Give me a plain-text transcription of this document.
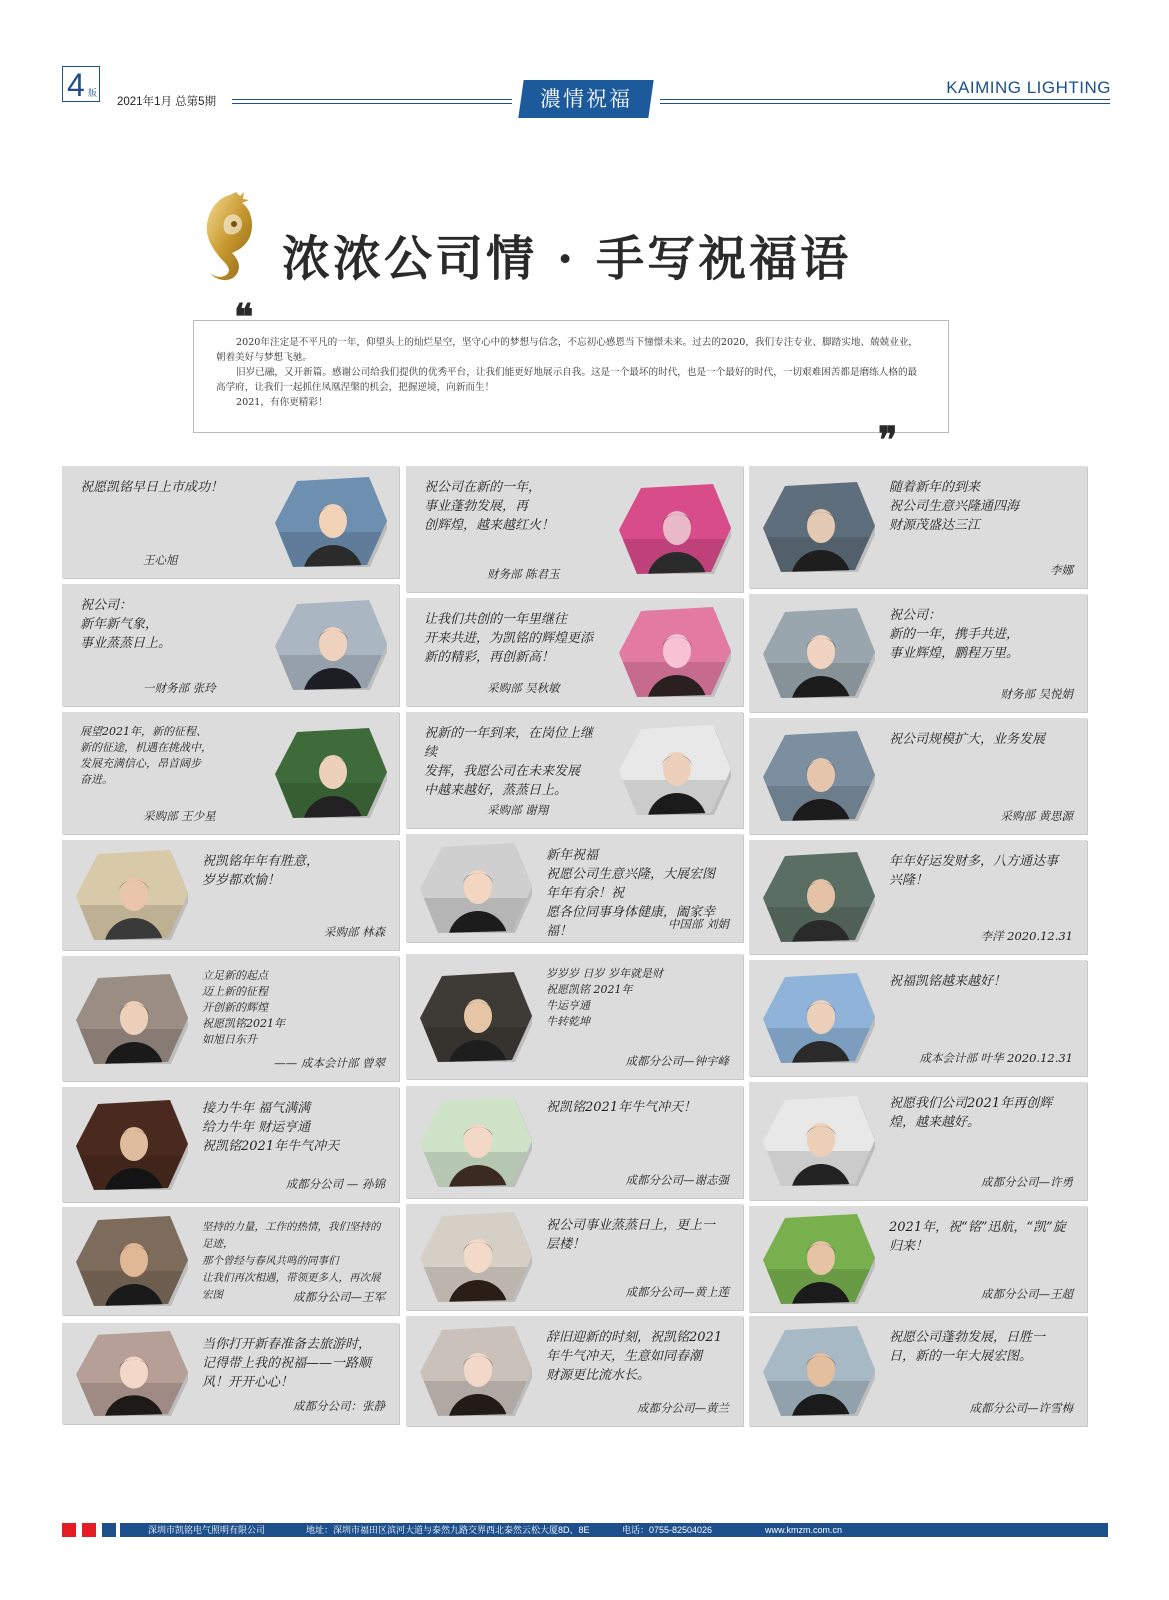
4 版
2021年1月 总第5期	濃情祝福	KAIMING LIGHTING
浓浓公司情 · 手写祝福语

2020年注定是不平凡的一年，仰望头上的灿烂星空，坚守心中的梦想与信念，不忘初心感恩当下憧憬未来。过去的2020，我们专注专业、脚踏实地、兢兢业业，朝着美好与梦想飞驰。

旧岁已融，又开新篇。感谢公司给我们提供的优秀平台，让我们能更好地展示自我。这是一个最坏的时代，也是一个最好的时代，一切艰难困苦都是磨练人格的最高学府，让我们一起抓住凤凰涅槃的机会，把握逆境，向新而生！

2021，有你更精彩！

❝
❞
祝愿凯铭早日上市成功！
王心旭
祝公司在新的一年，
事业蓬勃发展，再
创辉煌，越来越红火！
财务部 陈君玉
随着新年的到来
祝公司生意兴隆通四海
财源茂盛达三江
李娜
祝公司：
新年新气象，
事业蒸蒸日上。
一财务部 张玲
让我们共创的一年里继往
开来共进，为凯铭的辉煌更添
新的精彩，再创新高！
采购部 吴秋敏
祝公司：
新的一年，携手共进，
事业辉煌，鹏程万里。
财务部 吴悦娟
展望2021年，新的征程、
新的征途，机遇在挑战中，
发展充满信心，昂首阔步
奋进。
采购部 王少星
祝新的一年到来，在岗位上继续
发挥，我愿公司在未来发展
中越来越好，蒸蒸日上。
采购部 谢翔
祝公司规模扩大，业务发展
采购部 黄思源
祝凯铭年年有胜意，
岁岁都欢愉！
采购部 林森
新年祝福
祝愿公司生意兴隆，大展宏图年年有余！祝
愿各位同事身体健康，阖家幸福！	中国部 刘娟
年年好运发财多，八方通达事兴隆！
李洋 2020.12.31
立足新的起点
迈上新的征程
开创新的辉煌
祝愿凯铭2021年
如旭日东升
—— 成本会计部 曾翠
岁岁岁 日岁 岁年就是财
祝愿凯铭 2021年
牛运亨通
牛转乾坤
成都分公司—钟宇峰
祝福凯铭越来越好！
成本会计部 叶华 2020.12.31
接力牛年 福气满满
给力牛年 财运亨通
祝凯铭2021年牛气冲天
成都分公司 — 孙锦
祝凯铭2021年牛气冲天！
成都分公司—谢志强
祝愿我们公司2021年再创辉煌，越来越好。
成都分公司—许勇
坚持的力量，工作的热情，我们坚持的足迹，
那个曾经与春风共鸣的同事们
让我们再次相遇，带领更多人，再次展宏图	成都分公司—王军
祝公司事业蒸蒸日上，更上一层楼！
成都分公司—黄上莲
2021年，祝“铭”迅航，“凯”旋归来！
成都分公司—王超
当你打开新春准备去旅游时，
记得带上我的祝福——一路顺风！开开心心！
成都分公司：张静
辞旧迎新的时刻，祝凯铭2021年牛气冲天，生意如同春潮
财源更比流水长。
成都分公司—黄兰
祝愿公司蓬勃发展，日胜一日，新的一年大展宏图。
成都分公司—许雪梅
深圳市凯铭电气照明有限公司	地址：深圳市福田区滨河大道与泰然九路交界西北泰然云松大厦8D、8E	电话：0755-82504026	www.kmzm.com.cn
